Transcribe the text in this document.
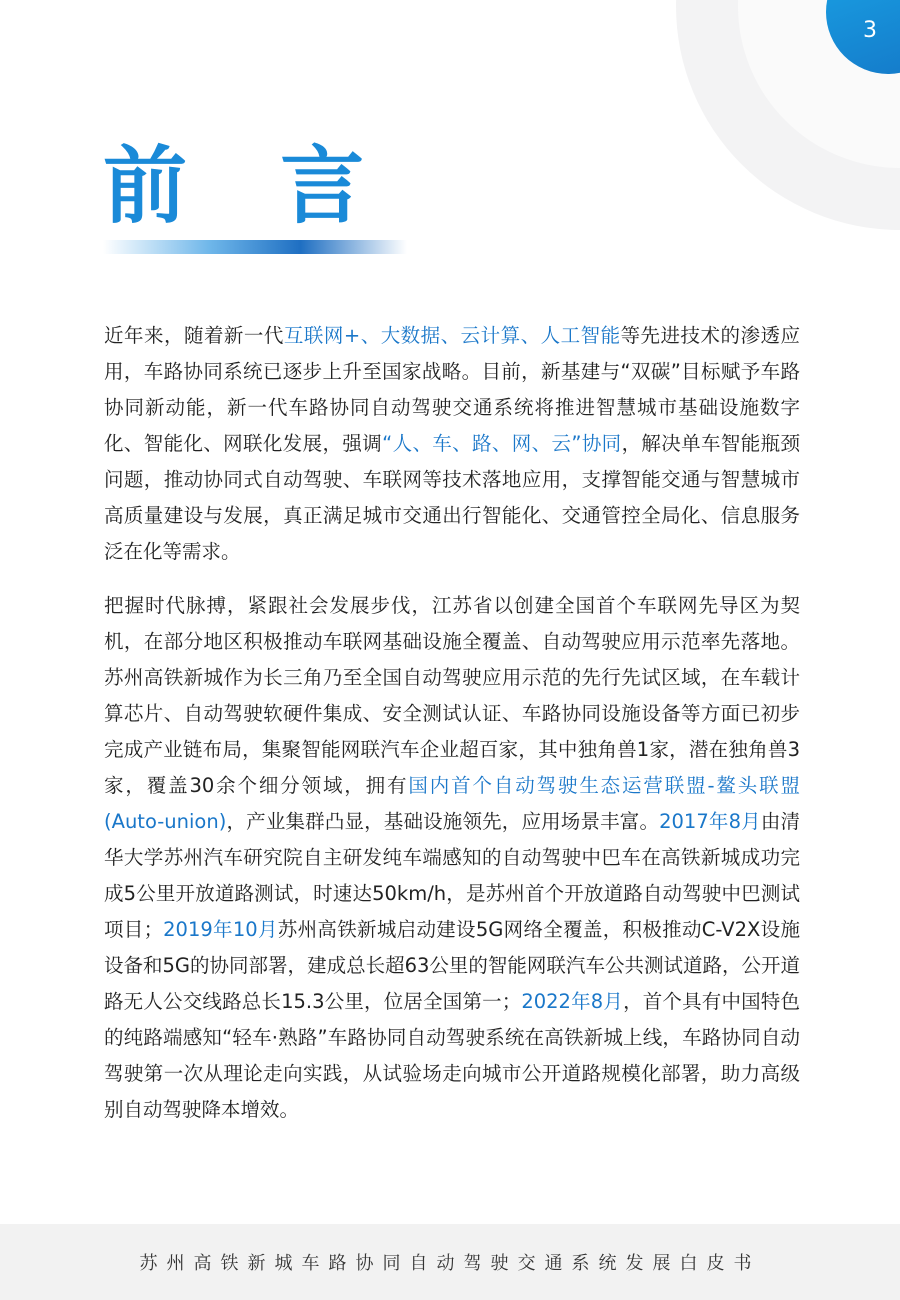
3
前 言

近年来，随着新一代互联网+、大数据、云计算、人工智能等先进技术的渗透应用，车路协同系统已逐步上升至国家战略。目前，新基建与“双碳”目标赋予车路协同新动能，新一代车路协同自动驾驶交通系统将推进智慧城市基础设施数字化、智能化、网联化发展，强调“人、车、路、网、云”协同，解决单车智能瓶颈问题，推动协同式自动驾驶、车联网等技术落地应用，支撑智能交通与智慧城市高质量建设与发展，真正满足城市交通出行智能化、交通管控全局化、信息服务泛在化等需求。

把握时代脉搏，紧跟社会发展步伐，江苏省以创建全国首个车联网先导区为契机，在部分地区积极推动车联网基础设施全覆盖、自动驾驶应用示范率先落地。苏州高铁新城作为长三角乃至全国自动驾驶应用示范的先行先试区域，在车载计算芯片、自动驾驶软硬件集成、安全测试认证、车路协同设施设备等方面已初步完成产业链布局，集聚智能网联汽车企业超百家，其中独角兽1家，潜在独角兽3家，覆盖30余个细分领域，拥有国内首个自动驾驶生态运营联盟-鳌头联盟(Auto-union)，产业集群凸显，基础设施领先，应用场景丰富。2017年8月由清华大学苏州汽车研究院自主研发纯车端感知的自动驾驶中巴车在高铁新城成功完成5公里开放道路测试，时速达50km/h，是苏州首个开放道路自动驾驶中巴测试项目；2019年10月苏州高铁新城启动建设5G网络全覆盖，积极推动C-V2X设施设备和5G的协同部署，建成总长超63公里的智能网联汽车公共测试道路，公开道路无人公交线路总长15.3公里，位居全国第一；2022年8月，首个具有中国特色的纯路端感知“轻车·熟路”车路协同自动驾驶系统在高铁新城上线，车路协同自动驾驶第一次从理论走向实践，从试验场走向城市公开道路规模化部署，助力高级别自动驾驶降本增效。

苏州高铁新城车路协同自动驾驶交通系统发展白皮书
